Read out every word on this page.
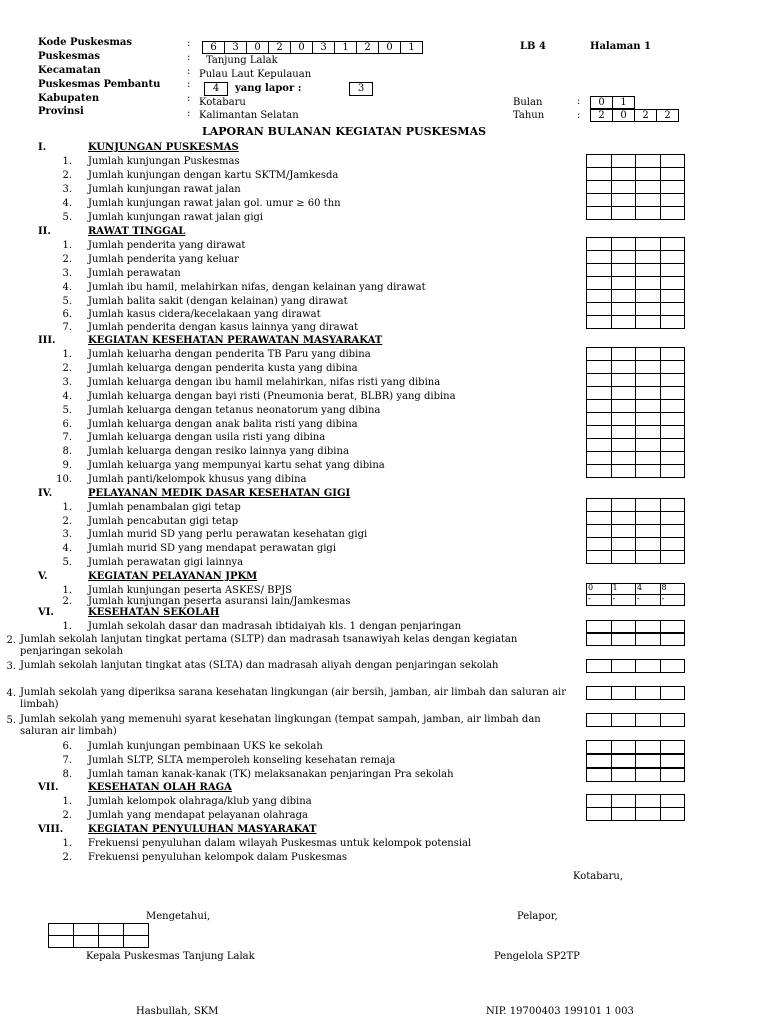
Kode Puskesmas	:	6	3	0	2	0	3	1	2	0	1	LB 4	Halaman 1
Puskesmas	: Tanjung Lalak
Kecamatan	: Pulau Laut Kepulauan
Puskesmas Pembantu	:	4	yang lapor :	3
Kabupaten	: Kotabaru	Bulan	:	0	1
Provinsi	: Kalimantan Selatan	Tahun	:	2	0	2	2
LAPORAN BULANAN KEGIATAN PUSKESMAS
I.	KUNJUNGAN PUSKESMAS
1. Jumlah kunjungan Puskesmas
2. Jumlah kunjungan dengan kartu SKTM/Jamkesda
3. Jumlah kunjungan rawat jalan
4. Jumlah kunjungan rawat jalan gol. umur ≥ 60 thn
5. Jumlah kunjungan rawat jalan gigi
II.	RAWAT TINGGAL
1. Jumlah penderita yang dirawat
2. Jumlah penderita yang keluar
3. Jumlah perawatan
4. Jumlah ibu hamil, melahirkan nifas, dengan kelainan yang dirawat
5. Jumlah balita sakit (dengan kelainan) yang dirawat
6. Jumlah kasus cidera/kecelakaan yang dirawat
7. Jumlah penderita dengan kasus lainnya yang dirawat
III.	KEGIATAN KESEHATAN PERAWATAN MASYARAKAT
1. Jumlah keluarha dengan penderita TB Paru yang dibina
2. Jumlah keluarga dengan penderita kusta yang dibina
3. Jumlah keluarga dengan ibu hamil melahirkan, nifas risti yang dibina
4. Jumlah keluarga dengan bayi risti (Pneumonia berat, BLBR) yang dibina
5. Jumlah keluarga dengan tetanus neonatorum yang dibina
6. Jumlah keluarga dengan anak balita risti yang dibina
7. Jumlah keluarga dengan usila risti yang dibina
8. Jumlah keluarga dengan resiko lainnya yang dibina
9. Jumlah keluarga yang mempunyai kartu sehat yang dibina
10. Jumlah panti/kelompok khusus yang dibina
IV.	PELAYANAN MEDIK DASAR KESEHATAN GIGI
1. Jumlah penambalan gigi tetap
2. Jumlah pencabutan gigi tetap
3. Jumlah murid SD yang perlu perawatan kesehatan gigi
4. Jumlah murid SD yang mendapat perawatan gigi
5. Jumlah perawatan gigi lainnya
V.	KEGIATAN PELAYANAN JPKM
1. Jumlah kunjungan peserta ASKES/ BPJS
2. Jumlah kunjungan peserta asuransi lain/Jamkesmas
0	1	4	8
-	-	-	-
VI.	KESEHATAN SEKOLAH
1. Jumlah sekolah dasar dan madrasah ibtidaiyah kls. 1 dengan penjaringan
2. Jumlah sekolah lanjutan tingkat pertama (SLTP) dan madrasah tsanawiyah kelas dengan kegiatan penjaringan sekolah
3. Jumlah sekolah lanjutan tingkat atas (SLTA) dan madrasah aliyah dengan penjaringan sekolah
4. Jumlah sekolah yang diperiksa sarana kesehatan lingkungan (air bersih, jamban, air limbah dan saluran air limbah)
5. Jumlah sekolah yang memenuhi syarat kesehatan lingkungan (tempat sampah, jamban, air limbah dan saluran air limbah)
6. Jumlah kunjungan pembinaan UKS ke sekolah
7. Jumlah SLTP, SLTA memperoleh konseling kesehatan remaja
8. Jumlah taman kanak-kanak (TK) melaksanakan penjaringan Pra sekolah
VII.	KESEHATAN OLAH RAGA
1. Jumlah kelompok olahraga/klub yang dibina
2. Jumlah yang mendapat pelayanan olahraga
VIII. KEGIATAN PENYULUHAN MASYARAKAT
1. Frekuensi penyuluhan dalam wilayah Puskesmas untuk kelompok potensial
2. Frekuensi penyuluhan kelompok dalam Puskesmas
Kotabaru,
Mengetahui,	Pelapor,
Kepala Puskesmas Tanjung Lalak	Pengelola SP2TP
Hasbullah, SKM	NIP. 19700403 199101 1 003
